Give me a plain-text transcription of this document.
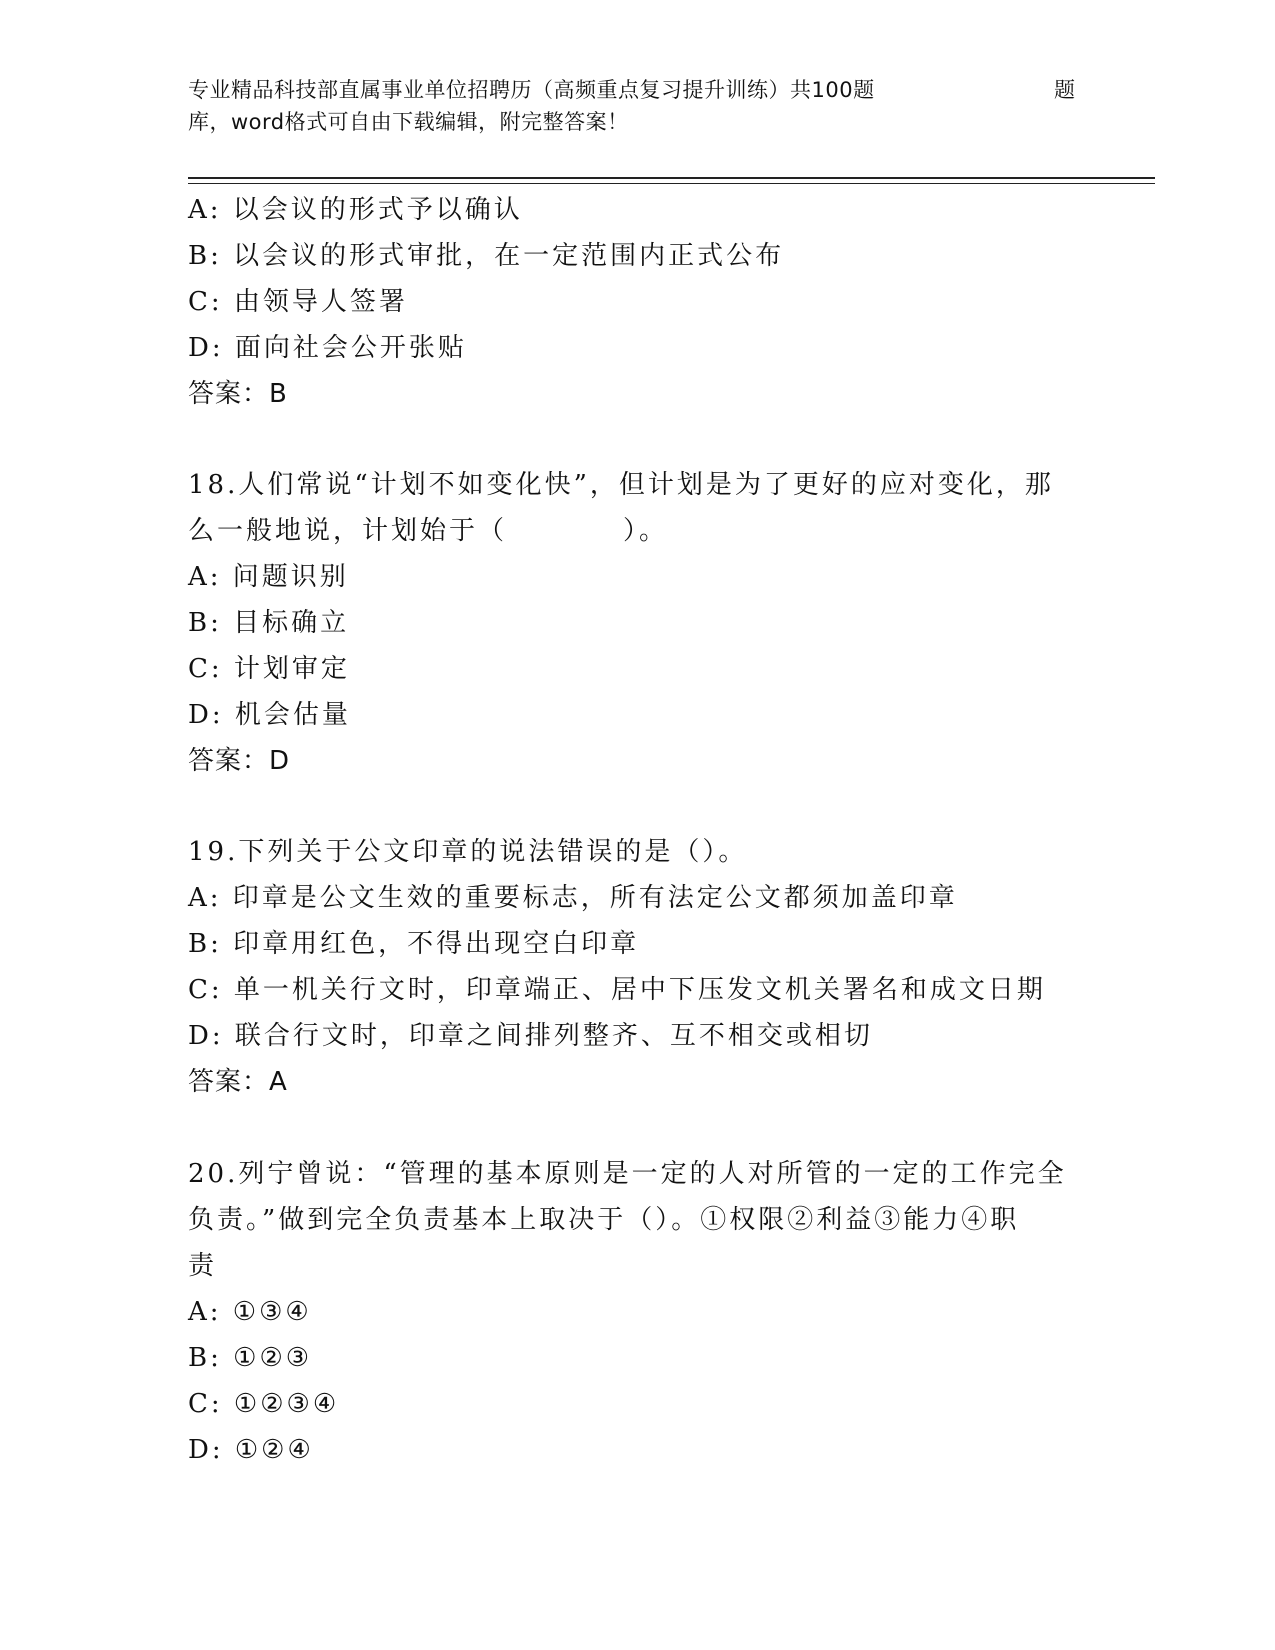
专业精品科技部直属事业单位招聘历（高频重点复习提升训练）共100题	题
库，word格式可自由下载编辑，附完整答案！
A: 以会议的形式予以确认
B: 以会议的形式审批，在一定范围内正式公布
C: 由领导人签署
D: 面向社会公开张贴
答案：B
18.人们常说“计划不如变化快”，但计划是为了更好的应对变化，那
么一般地说，计划始于（　　　　）。
A: 问题识别
B: 目标确立
C: 计划审定
D: 机会估量
答案：D
19.下列关于公文印章的说法错误的是（）。
A: 印章是公文生效的重要标志，所有法定公文都须加盖印章
B: 印章用红色，不得出现空白印章
C: 单一机关行文时，印章端正、居中下压发文机关署名和成文日期
D: 联合行文时，印章之间排列整齐、互不相交或相切
答案：A
20.列宁曾说：“管理的基本原则是一定的人对所管的一定的工作完全
负责。”做到完全负责基本上取决于（）。①权限②利益③能力④职
责
A: ①③④
B: ①②③
C: ①②③④
D: ①②④
